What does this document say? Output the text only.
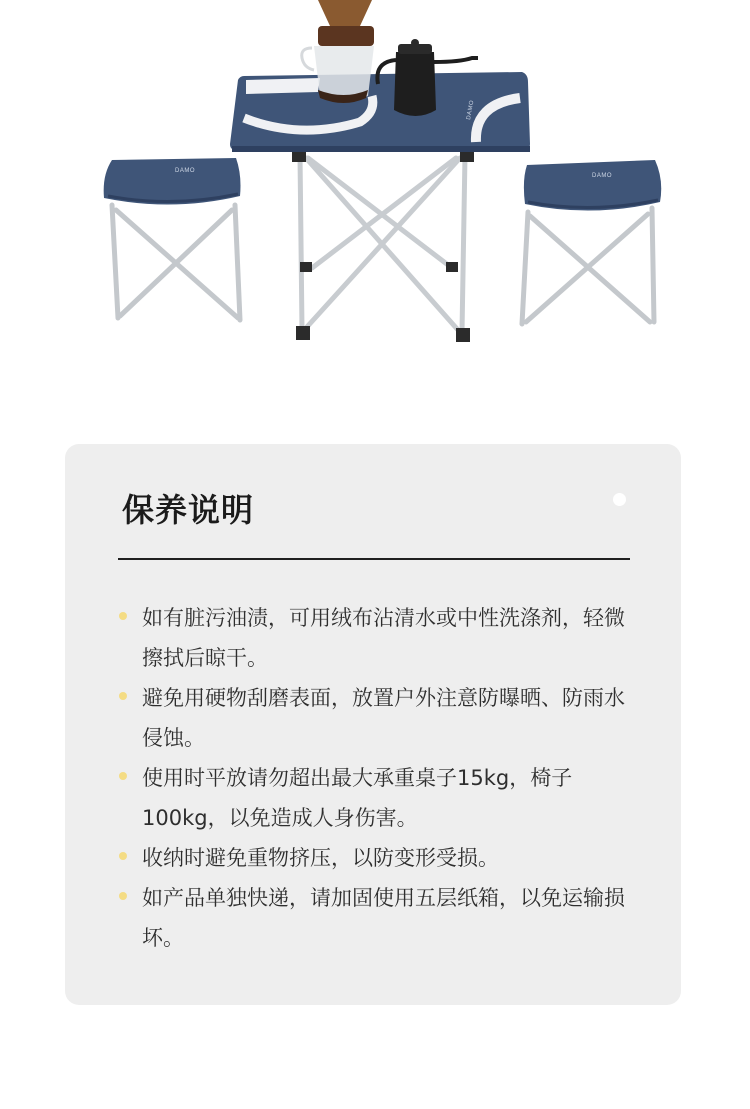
DAMO
DAMO
DAMO
保养说明
如有脏污油渍，可用绒布沾清水或中性洗涤剂，轻微擦拭后晾干。
避免用硬物刮磨表面，放置户外注意防曝晒、防雨水侵蚀。
使用时平放请勿超出最大承重桌子15kg，椅子100kg，以免造成人身伤害。
收纳时避免重物挤压，以防变形受损。
如产品单独快递，请加固使用五层纸箱，以免运输损坏。
